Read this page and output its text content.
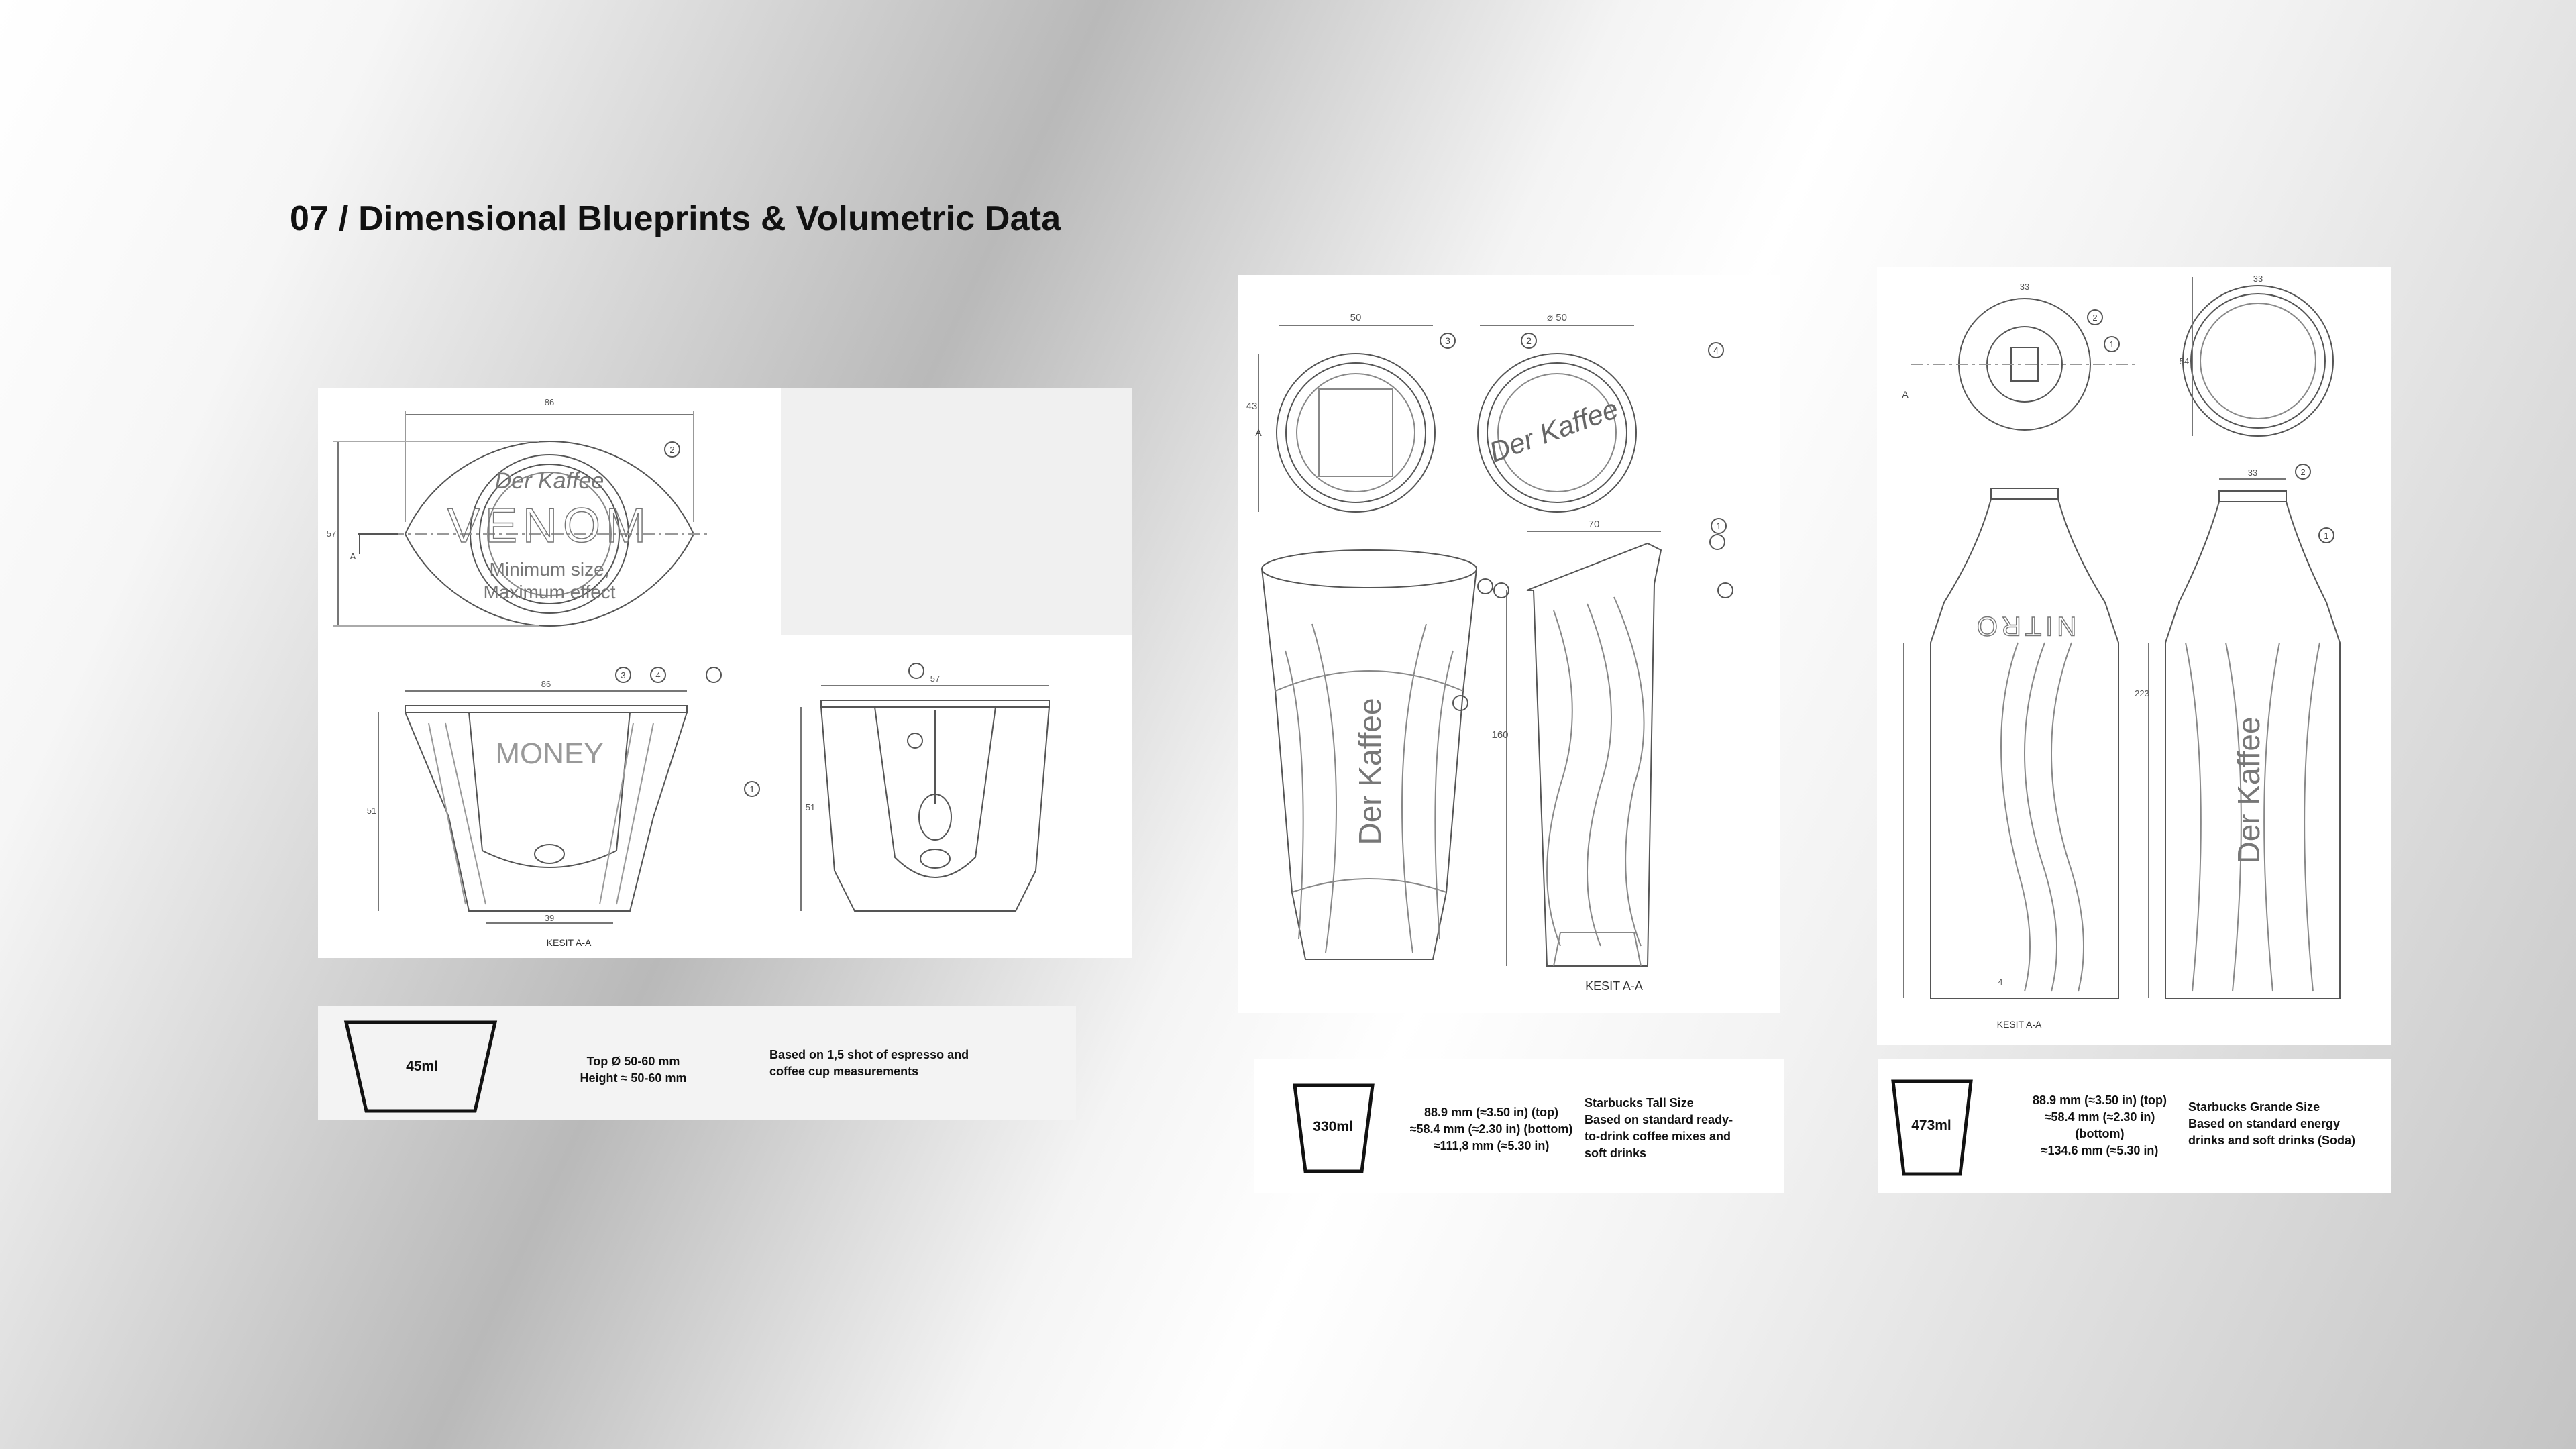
07 / Dimensional Blueprints & Volumetric Data
86
57
86
51
39
57
51
2
3	4
1
A
Der Kaffee
VENOM
Minimum size,
Maximum effect
MONEY
KESIT A-A
45ml	Top Ø 50-60 mm
Height ≈ 50-60 mm
Based on 1,5 shot of espresso and
coffee cup measurements
50
43
⌀ 50
70
160
3	2
4
1
A	Der Kaffee
Der Kaffee
KESIT A-A
330ml
88.9 mm (≈3.50 in) (top)
≈58.4 mm (≈2.30 in) (bottom)
≈111,8 mm (≈5.30 in)
Starbucks Tall Size
Based on standard ready-
to-drink coffee mixes and
soft drinks
33
33
54
33
223
4
2
1
2
1
A
NITRO
Der Kaffee
KESIT A-A
473ml
88.9 mm (≈3.50 in) (top)
≈58.4 mm (≈2.30 in)
(bottom)
≈134.6 mm (≈5.30 in)
Starbucks Grande Size
Based on standard energy
drinks and soft drinks (Soda)
